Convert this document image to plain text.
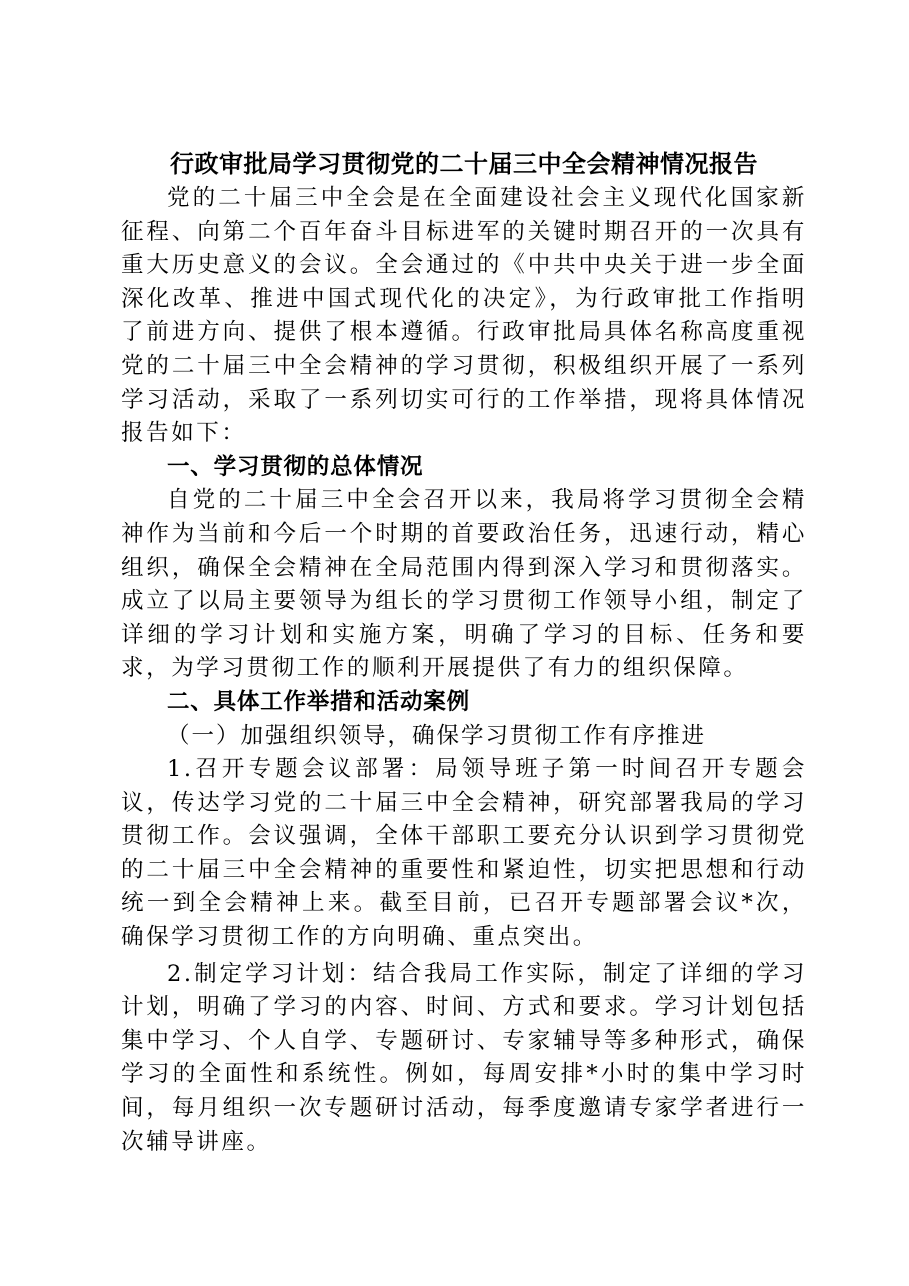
行政审批局学习贯彻党的二十届三中全会精神情况报告

党的二十届三中全会是在全面建设社会主义现代化国家新征程、向第二个百年奋斗目标进军的关键时期召开的一次具有重大历史意义的会议。全会通过的《中共中央关于进一步全面深化改革、推进中国式现代化的决定》，为行政审批工作指明了前进方向、提供了根本遵循。行政审批局具体名称高度重视党的二十届三中全会精神的学习贯彻，积极组织开展了一系列学习活动，采取了一系列切实可行的工作举措，现将具体情况报告如下：

一、学习贯彻的总体情况

自党的二十届三中全会召开以来，我局将学习贯彻全会精神作为当前和今后一个时期的首要政治任务，迅速行动，精心组织，确保全会精神在全局范围内得到深入学习和贯彻落实。成立了以局主要领导为组长的学习贯彻工作领导小组，制定了详细的学习计划和实施方案，明确了学习的目标、任务和要求，为学习贯彻工作的顺利开展提供了有力的组织保障。

二、具体工作举措和活动案例

（一）加强组织领导，确保学习贯彻工作有序推进

1.召开专题会议部署：局领导班子第一时间召开专题会议，传达学习党的二十届三中全会精神，研究部署我局的学习贯彻工作。会议强调，全体干部职工要充分认识到学习贯彻党的二十届三中全会精神的重要性和紧迫性，切实把思想和行动统一到全会精神上来。截至目前，已召开专题部署会议*次，确保学习贯彻工作的方向明确、重点突出。

2.制定学习计划：结合我局工作实际，制定了详细的学习计划，明确了学习的内容、时间、方式和要求。学习计划包括集中学习、个人自学、专题研讨、专家辅导等多种形式，确保学习的全面性和系统性。例如，每周安排*小时的集中学习时间，每月组织一次专题研讨活动，每季度邀请专家学者进行一次辅导讲座。
